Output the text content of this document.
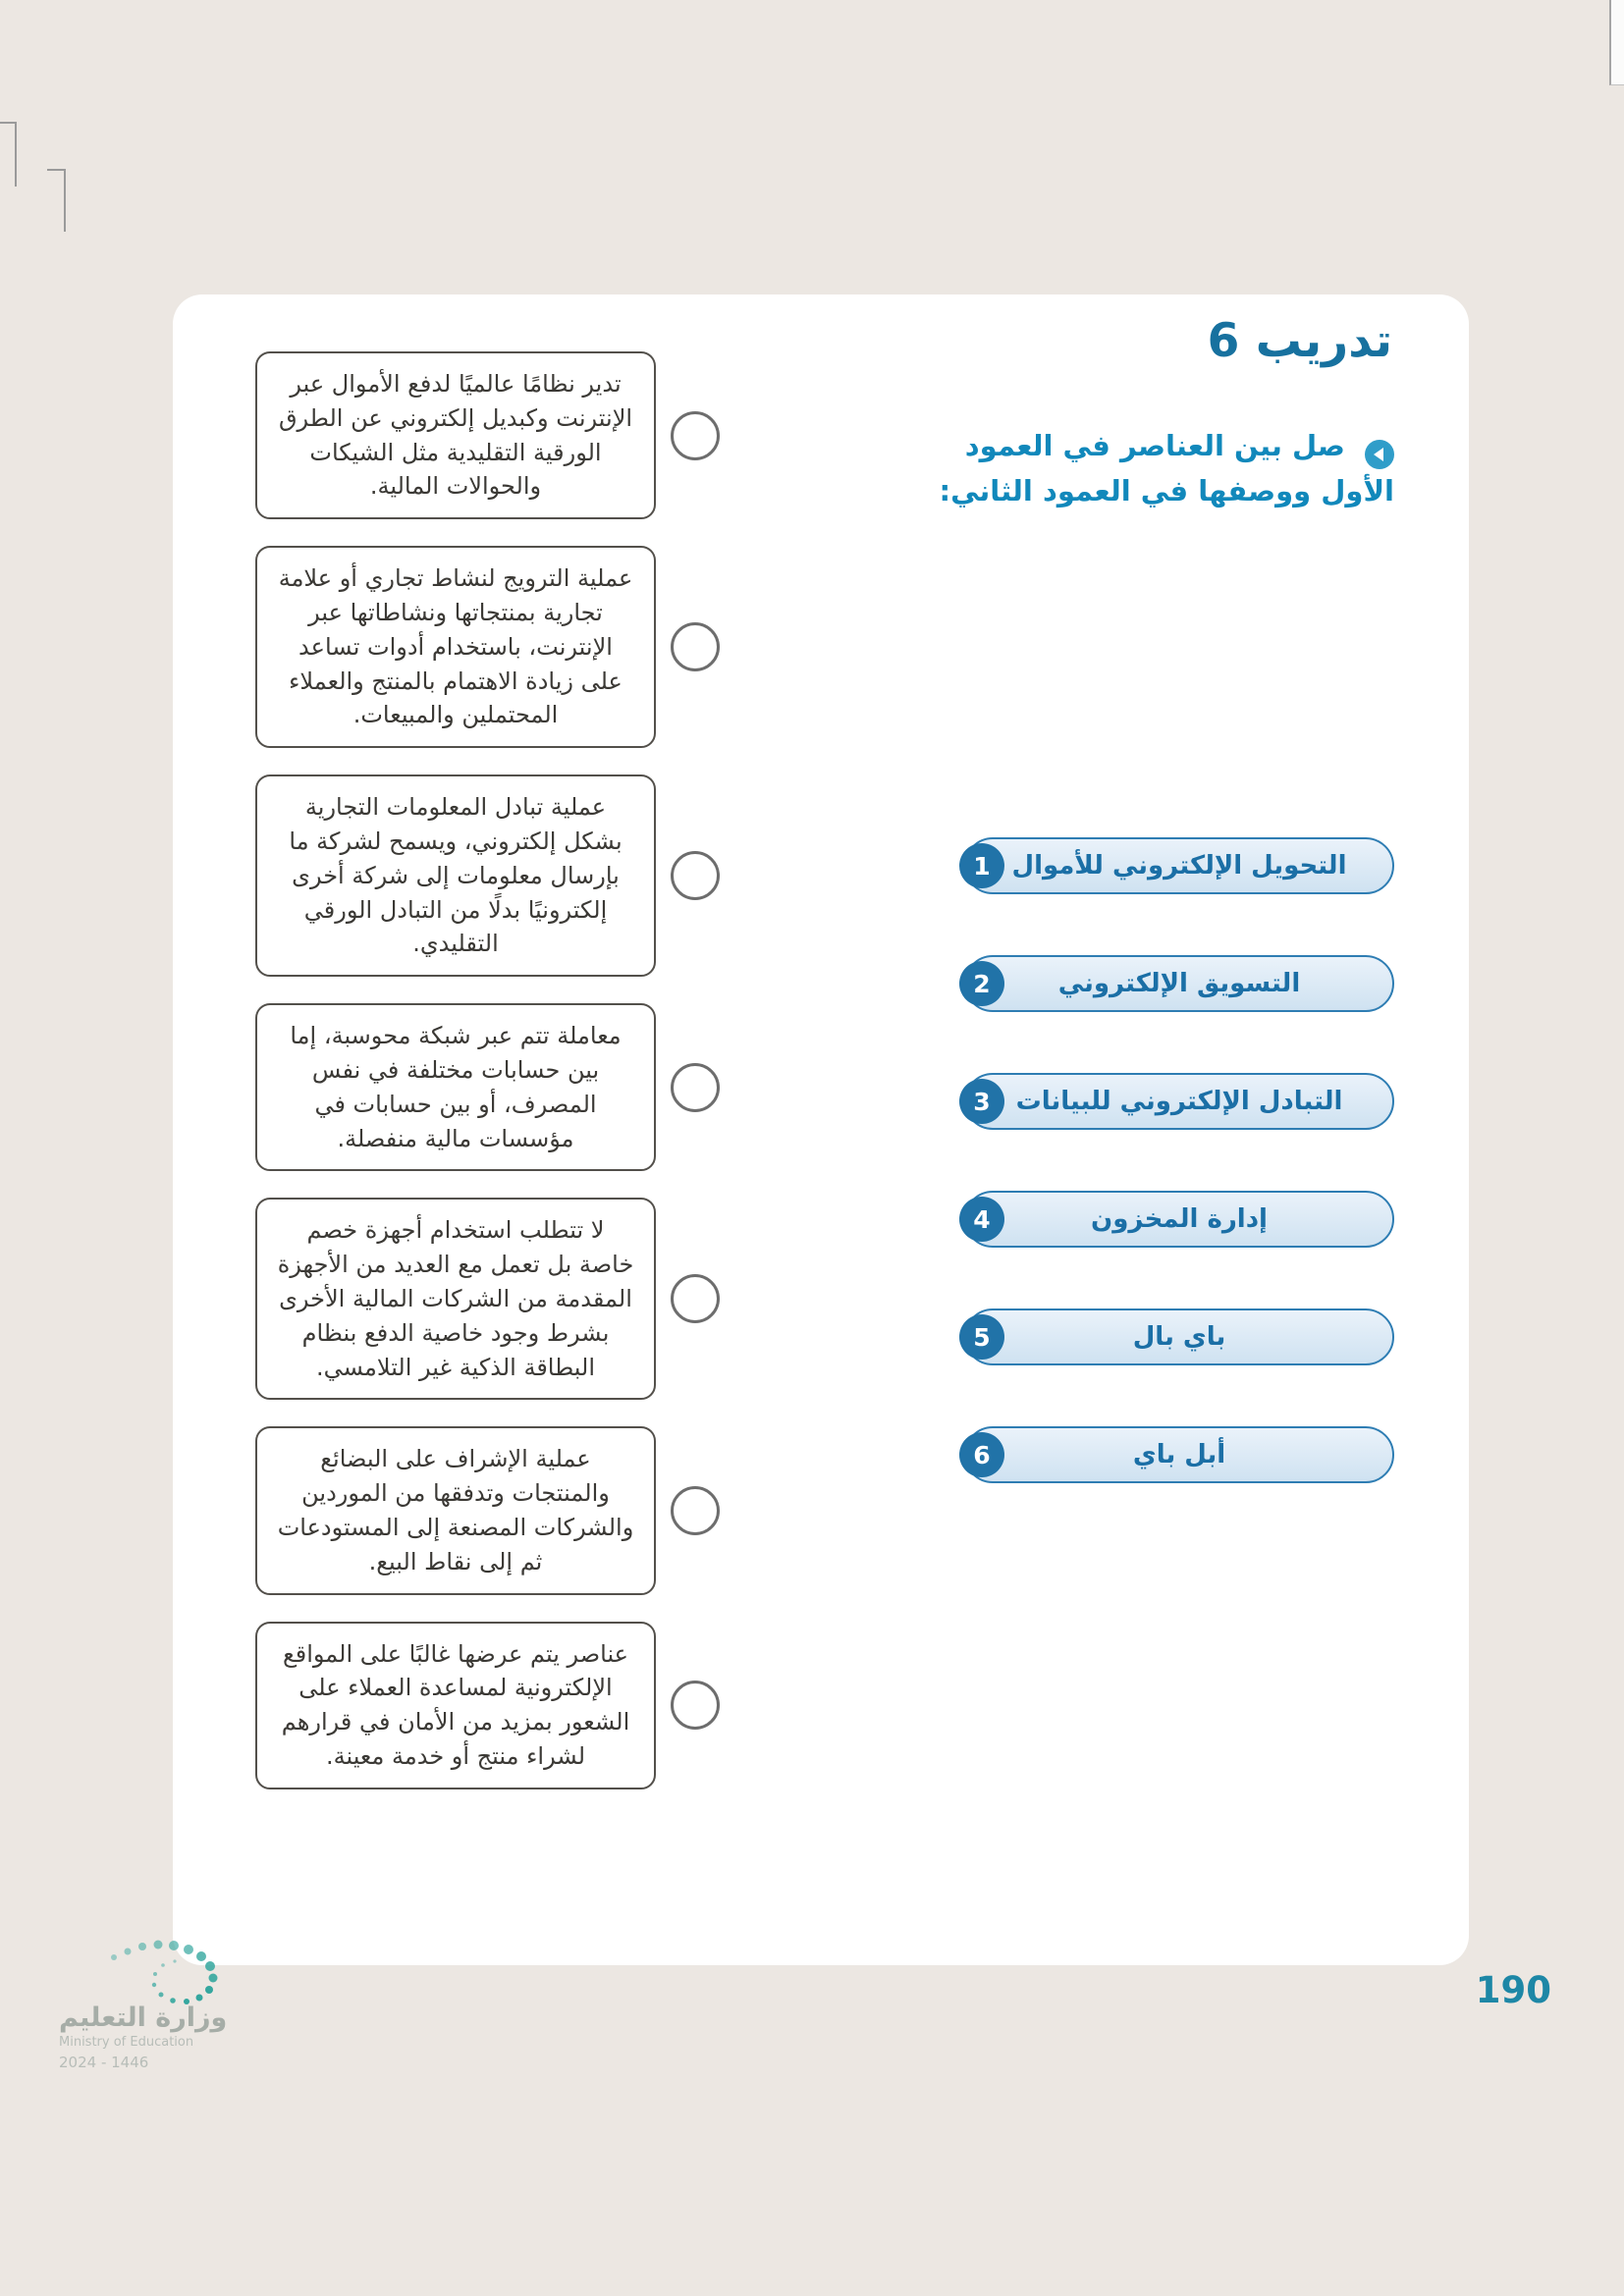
تدريب 6
صل بين العناصر في العمود الأول ووصفها في العمود الثاني:
1 التحويل الإلكتروني للأموال
2	التسويق الإلكتروني
3 التبادل الإلكتروني للبيانات
4	إدارة المخزون
5	باي بال
6	أبل باي
تدير نظامًا عالميًا لدفع الأموال عبر الإنترنت وكبديل إلكتروني عن الطرق الورقية التقليدية مثل الشيكات والحوالات المالية.
عملية الترويج لنشاط تجاري أو علامة تجارية بمنتجاتها ونشاطاتها عبر الإنترنت، باستخدام أدوات تساعد على زيادة الاهتمام بالمنتج والعملاء المحتملين والمبيعات.
عملية تبادل المعلومات التجارية بشكل إلكتروني، ويسمح لشركة ما بإرسال معلومات إلى شركة أخرى إلكترونيًا بدلًا من التبادل الورقي التقليدي.
معاملة تتم عبر شبكة محوسبة، إما بين حسابات مختلفة في نفس المصرف، أو بين حسابات في مؤسسات مالية منفصلة.
لا تتطلب استخدام أجهزة خصم خاصة بل تعمل مع العديد من الأجهزة المقدمة من الشركات المالية الأخرى بشرط وجود خاصية الدفع بنظام البطاقة الذكية غير التلامسي.
عملية الإشراف على البضائع والمنتجات وتدفقها من الموردين والشركات المصنعة إلى المستودعات ثم إلى نقاط البيع.
عناصر يتم عرضها غالبًا على المواقع الإلكترونية لمساعدة العملاء على الشعور بمزيد من الأمان في قرارهم لشراء منتج أو خدمة معينة.
وزارة التعليم
Ministry of Education
2024 - 1446
190
